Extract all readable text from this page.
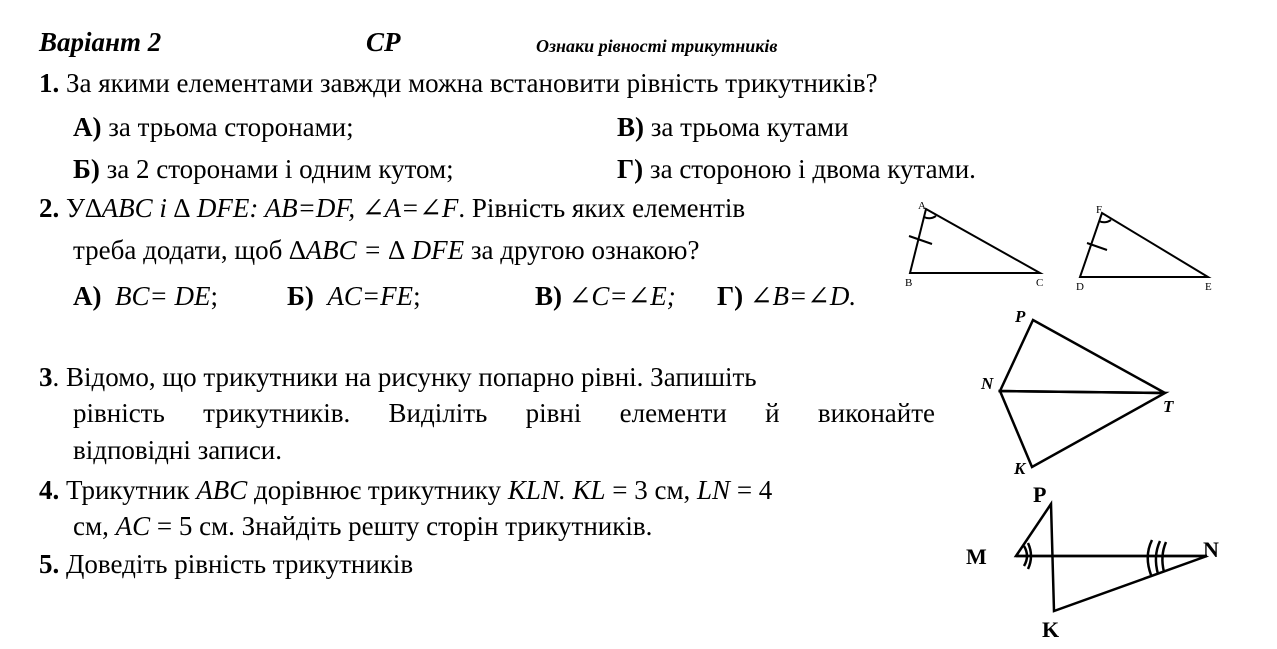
Варіант 2	СР	Ознаки рівності трикутників
1. За якими елементами завжди можна встановити рівність трикутників?
А) за трьома сторонами;	В) за трьома кутами
Б) за 2 сторонами і одним кутом;	Г) за стороною і двома кутами.
2. У∆ABC і ∆ DFE: AB=DF, ∠A=∠F. Рівність яких елементів
треба додати, щоб ∆ABC = ∆ DFE за другою ознакою?
А) BC= DE;	Б) AC=FE;	В) ∠C=∠E; Г) ∠B=∠D.
3. Відомо, що трикутники на рисунку попарно рівні. Запишіть
рівність трикутників. Виділіть рівні елементи й виконайте
відповідні записи.
4. Трикутник ABC дорівнює трикутнику KLN. KL = 3 см, LN = 4
см, AC = 5 см. Знайдіть решту сторін трикутників.
5. Доведіть рівність трикутників
A
B	C
F
D	E
P
N
T
K
P
M	N
K
